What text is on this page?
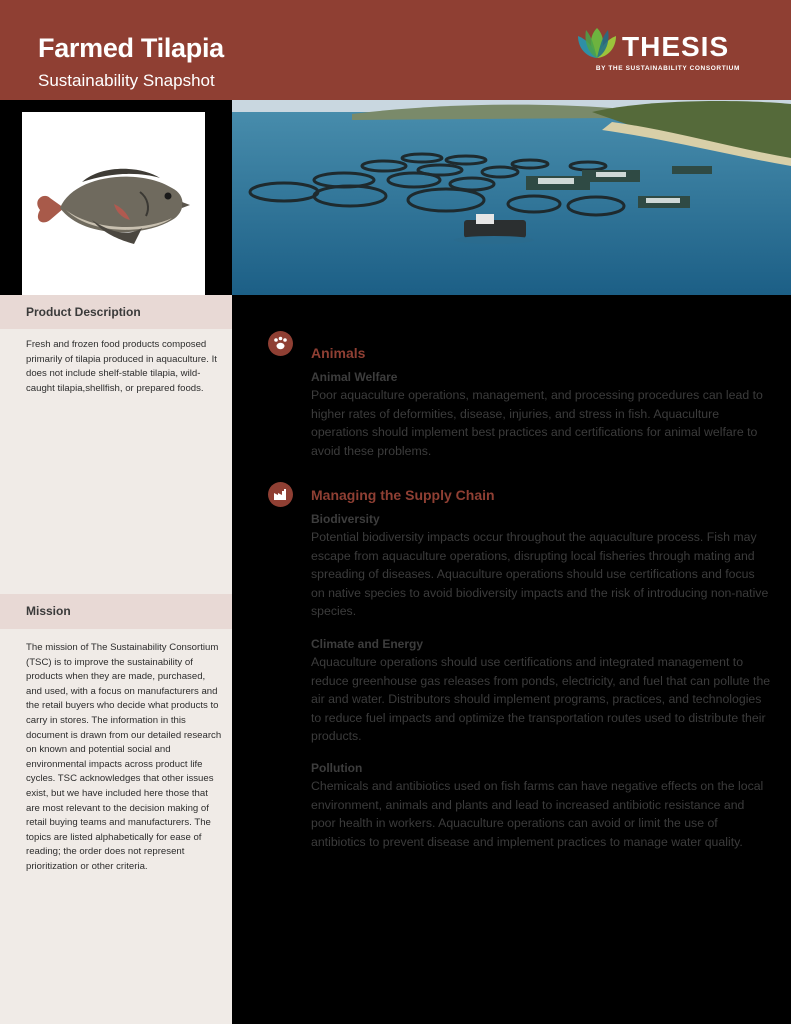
Farmed Tilapia
Sustainability Snapshot
THESIS
BY THE SUSTAINABILITY CONSORTIUM
Product Description
Fresh and frozen food products composed primarily of tilapia produced in aquaculture. It does not include shelf-stable tilapia, wild-caught tilapia,shellfish, or prepared foods.
Mission
The mission of The Sustainability Consortium (TSC) is to improve the sustainability of products when they are made, purchased, and used, with a focus on manufacturers and the retail buyers who decide what products to carry in stores. The information in this document is drawn from our detailed research on known and potential social and environmental impacts across product life cycles. TSC acknowledges that other issues exist, but we have included here those that are most relevant to the decision making of retail buying teams and manufacturers. The topics are listed alphabetically for ease of reading; the order does not represent prioritization or other criteria.
Animals
Animal Welfare
Poor aquaculture operations, management, and processing procedures can lead to higher rates of deformities, disease, injuries, and stress in fish. Aquaculture operations should implement best practices and certifications for animal welfare to avoid these problems.
Managing the Supply Chain
Biodiversity
Potential biodiversity impacts occur throughout the aquaculture process. Fish may escape from aquaculture operations, disrupting local fisheries through mating and spreading of diseases. Aquaculture operations should use certifications and focus on native species to avoid biodiversity impacts and the risk of introducing non-native species.
Climate and Energy
Aquaculture operations should use certifications and integrated management to reduce greenhouse gas releases from ponds, electricity, and fuel that can pollute the air and water. Distributors should implement programs, practices, and technologies to reduce fuel impacts and optimize the transportation routes used to distribute their products.
Pollution
Chemicals and antibiotics used on fish farms can have negative effects on the local environment, animals and plants and lead to increased antibiotic resistance and poor health in workers. Aquaculture operations can avoid or limit the use of antibiotics to prevent disease and implement practices to manage water quality.
